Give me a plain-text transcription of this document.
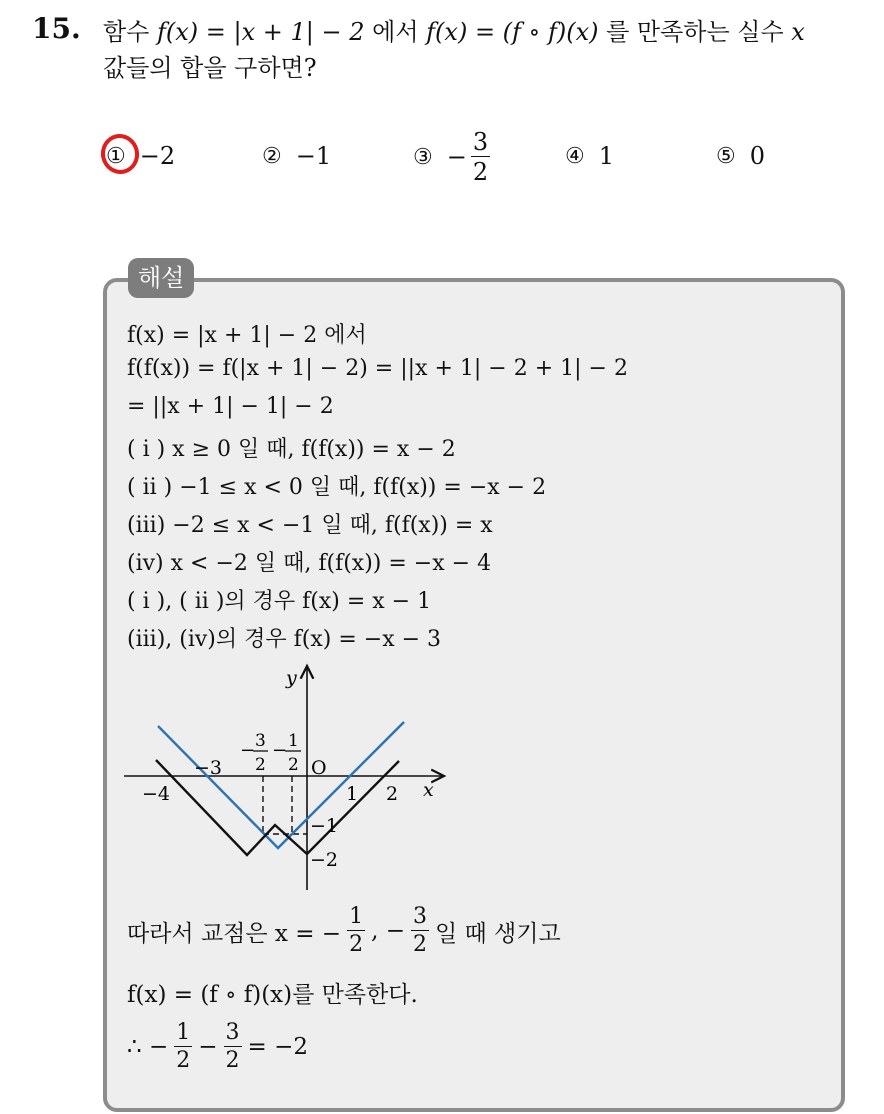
15. 함수 f(x) = |x + 1| − 2 에서 f(x) = (f ∘ f)(x) 를 만족하는 실수 x
값들의 합을 구하면?
① −2	② −1	③ − $\frac{3}{2}$	④ 1	⑤ 0
해설
f(x) = |x + 1| − 2 에서
f(f(x)) = f(|x + 1| − 2) = ||x + 1| − 2 + 1| − 2
= ||x + 1| − 1| − 2
( i ) x ≥ 0 일 때, f(f(x)) = x − 2
( ii ) −1 ≤ x < 0 일 때, f(f(x)) = −x − 2
(iii) −2 ≤ x < −1 일 때, f(f(x)) = x
(iv) x < −2 일 때, f(f(x)) = −x − 4
( i ), ( ii )의 경우 f(x) = x − 1
(iii), (iv)의 경우 f(x) = −x − 3
−4
−3
1 2
−1
−2
x
y
O
− 3
2
− 1
2
따라서 교점은 x = − $\frac{1}{2}$ , − $\frac{3}{2}$ 일 때 생기고
f(x) = (f ∘ f)(x)를 만족한다.
∴ − $\frac{1}{2} - \frac{3}{2} = -2$
